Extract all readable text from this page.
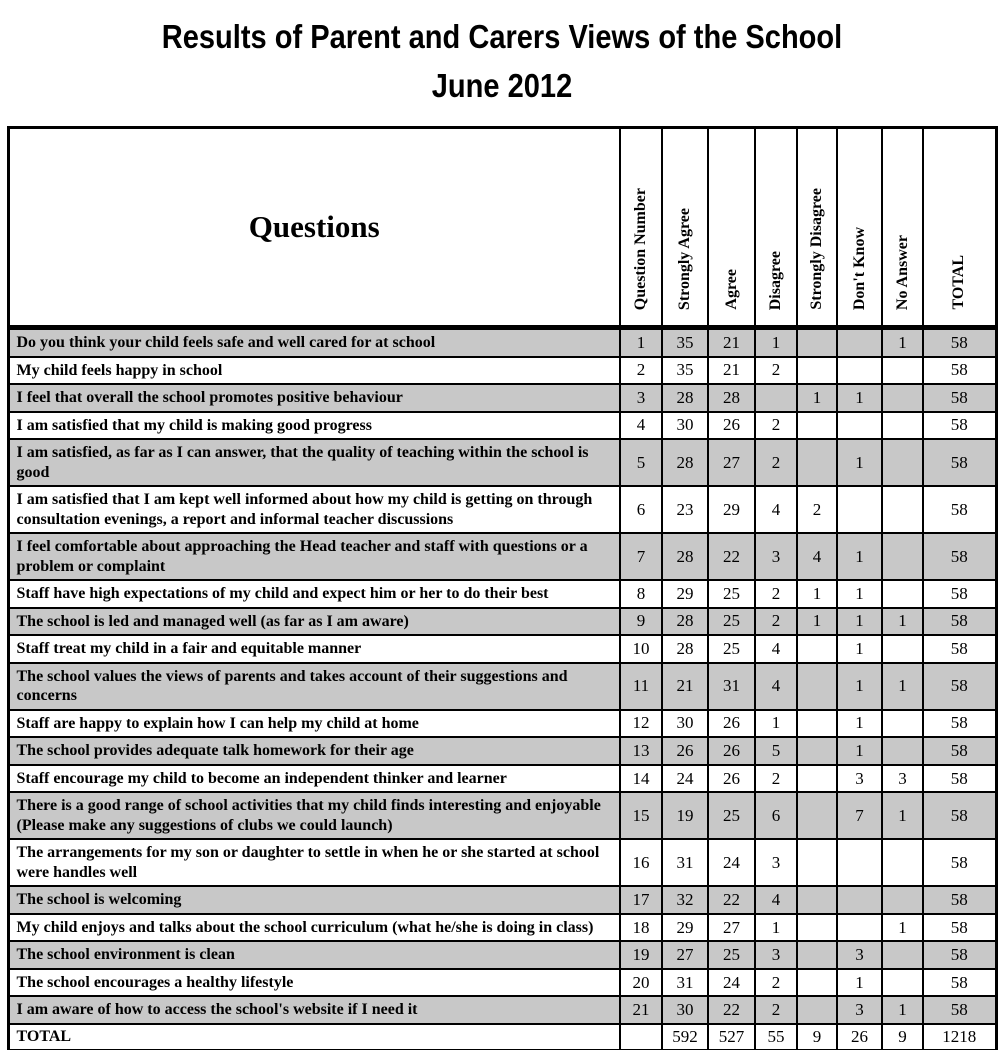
Results of Parent and Carers Views of the School
June 2012
Questions	Question Number	Strongly Agree	Agree	Disagree	Strongly Disagree	Don't Know	No Answer	TOTAL
Do you think your child feels safe and well cared for at school	1	35	21	1			1	58
My child feels happy in school	2	35	21	2				58
I feel that overall the school promotes positive behaviour	3	28	28		1	1		58
I am satisfied that my child is making good progress	4	30	26	2				58
I am satisfied, as far as I can answer, that the quality of teaching within the school is good	5	28	27	2		1		58
I am satisfied that I am kept well informed about how my child is getting on through consultation evenings, a report and informal teacher discussions	6	23	29	4	2			58
I feel comfortable about approaching the Head teacher and staff with questions or a problem or complaint	7	28	22	3	4	1		58
Staff have high expectations of my child and expect him or her to do their best	8	29	25	2	1	1		58
The school is led and managed well (as far as I am aware)	9	28	25	2	1	1	1	58
Staff treat my child in a fair and equitable manner	10	28	25	4		1		58
The school values the views of parents and takes account of their suggestions and concerns	11	21	31	4		1	1	58
Staff are happy to explain how I can help my child at home	12	30	26	1		1		58
The school provides adequate talk homework for their age	13	26	26	5		1		58
Staff encourage my child to become an independent thinker and learner	14	24	26	2		3	3	58
There is a good range of school activities that my child finds interesting and enjoyable (Please make any suggestions of clubs we could launch)	15	19	25	6		7	1	58
The arrangements for my son or daughter to settle in when he or she started at school were handles well	16	31	24	3				58
The school is welcoming	17	32	22	4				58
My child enjoys and talks about the school curriculum (what he/she is doing in class)	18	29	27	1			1	58
The school environment is clean	19	27	25	3		3		58
The school encourages a healthy lifestyle	20	31	24	2		1		58
I am aware of how to access the school's website if I need it	21	30	22	2		3	1	58
TOTAL		592	527	55	9	26	9	1218
